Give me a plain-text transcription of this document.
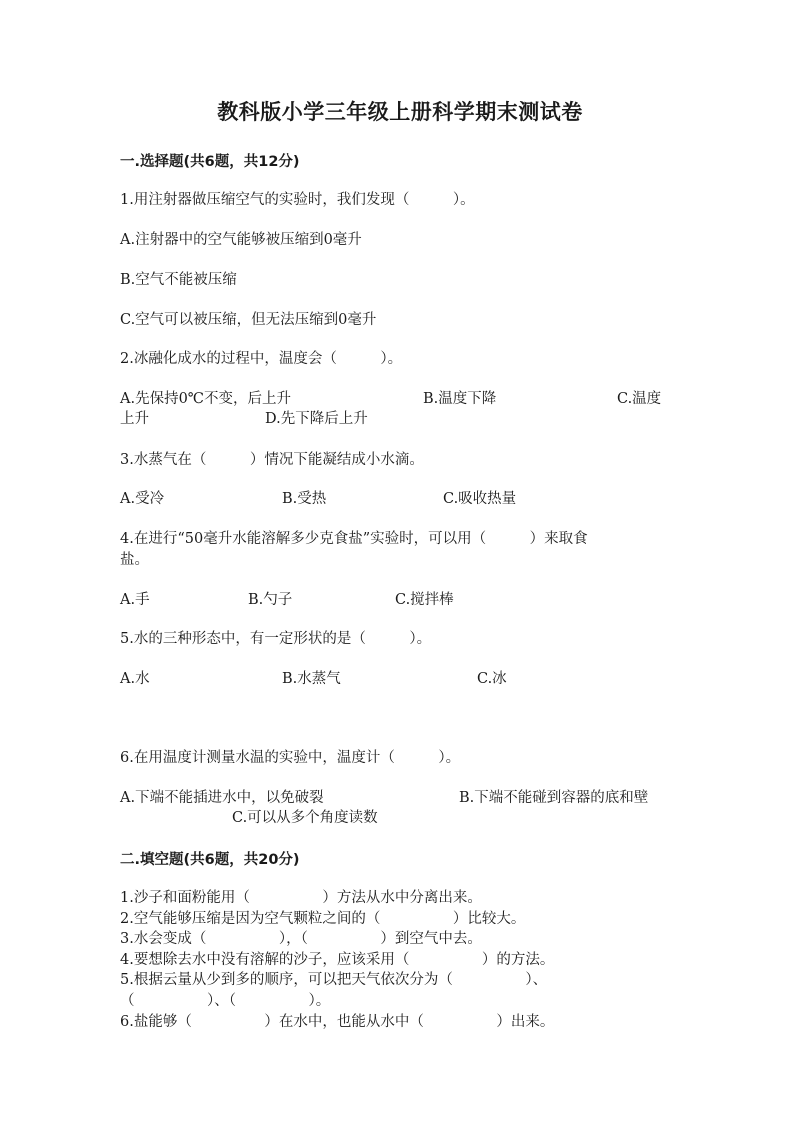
教科版小学三年级上册科学期末测试卷
一.选择题(共6题，共12分)
1.用注射器做压缩空气的实验时，我们发现（　　　）。
A.注射器中的空气能够被压缩到0毫升
B.空气不能被压缩
C.空气可以被压缩，但无法压缩到0毫升
2.冰融化成水的过程中，温度会（　　　）。
A.先保持0℃不变，后上升	B.温度下降	C.温度
上升	D.先下降后上升
3.水蒸气在（　　　）情况下能凝结成小水滴。
A.受冷	B.受热	C.吸收热量
4.在进行“50毫升水能溶解多少克食盐”实验时，可以用（　　　）来取食
盐。
A.手	B.勺子	C.搅拌棒
5.水的三种形态中，有一定形状的是（　　　）。
A.水	B.水蒸气	C.冰
6.在用温度计测量水温的实验中，温度计（　　　）。
A.下端不能插进水中，以免破裂	B.下端不能碰到容器的底和壁
C.可以从多个角度读数
二.填空题(共6题，共20分)
1.沙子和面粉能用（　　　　　）方法从水中分离出来。
2.空气能够压缩是因为空气颗粒之间的（　　　　　）比较大。
3.水会变成（　　　　　），（　　　　　）到空气中去。
4.要想除去水中没有溶解的沙子，应该采用（　　　　　）的方法。
5.根据云量从少到多的顺序，可以把天气依次分为（　　　　　）、
（　　　　　）、（　　　　　）。
6.盐能够（　　　　　）在水中，也能从水中（　　　　　）出来。
